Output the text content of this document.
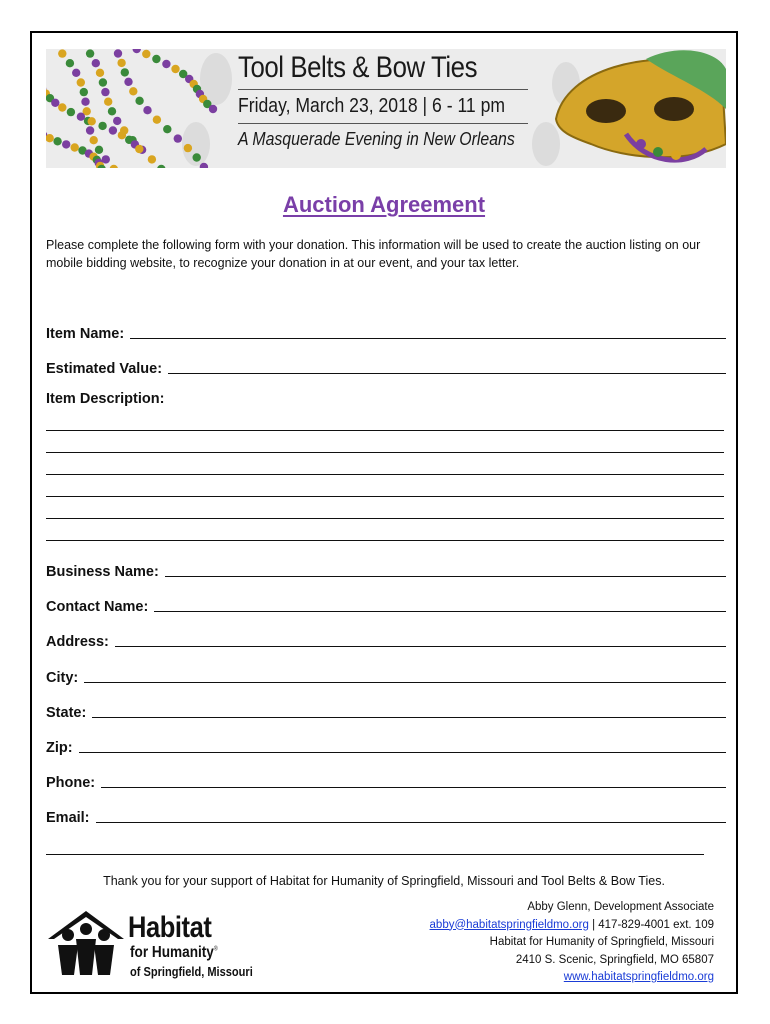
Tool Belts & Bow Ties
Friday, March 23, 2018 | 6 - 11 pm
A Masquerade Evening in New Orleans
Auction Agreement
Please complete the following form with your donation. This information will be used to create the auction listing on our mobile bidding website, to recognize your donation in at our event, and your tax letter.
Item Name:
Estimated Value:
Item Description:
Business Name:
Contact Name:
Address:
City:
State:
Zip:
Phone:
Email:
Thank you for your support of Habitat for Humanity of Springfield, Missouri and Tool Belts & Bow Ties.
Habitat
for Humanity®
of Springfield, Missouri
Abby Glenn, Development Associate
abby@habitatspringfieldmo.org | 417-829-4001 ext. 109
Habitat for Humanity of Springfield, Missouri
2410 S. Scenic, Springfield, MO 65807
www.habitatspringfieldmo.org
